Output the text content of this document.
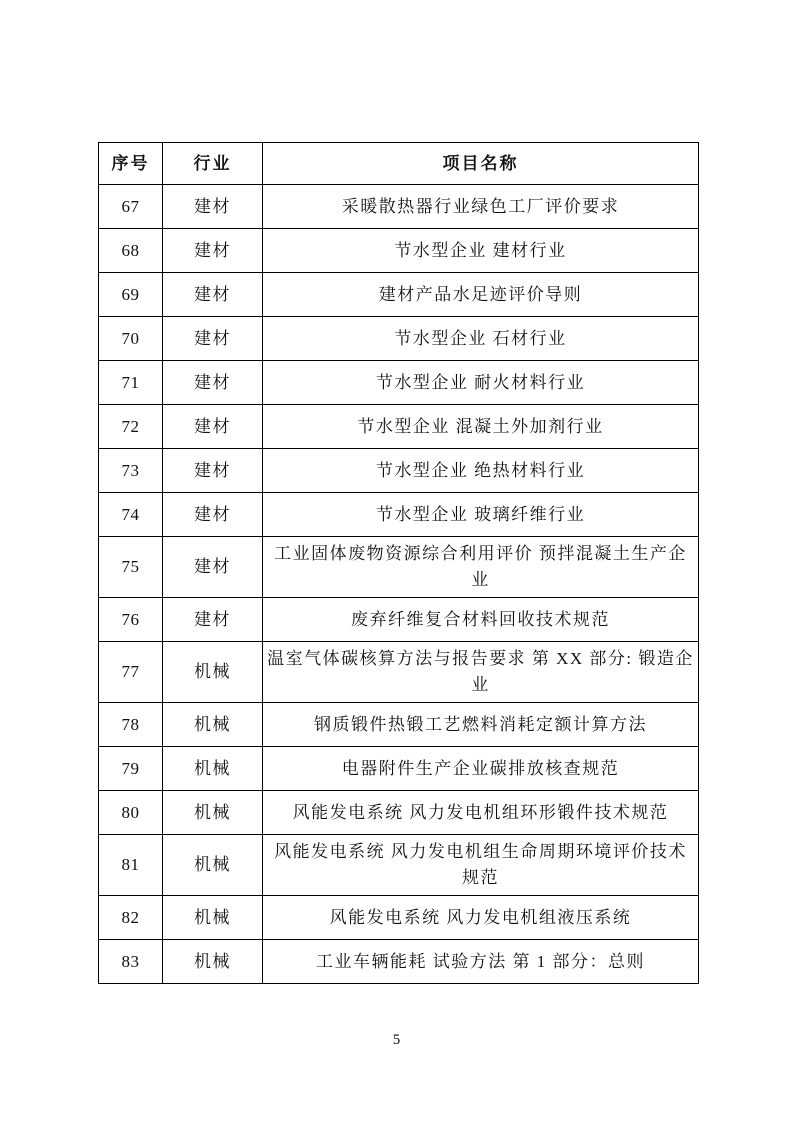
序号	行业	项目名称
67	建材	采暖散热器行业绿色工厂评价要求
68	建材	节水型企业 建材行业
69	建材	建材产品水足迹评价导则
70	建材	节水型企业 石材行业
71	建材	节水型企业 耐火材料行业
72	建材	节水型企业 混凝土外加剂行业
73	建材	节水型企业 绝热材料行业
74	建材	节水型企业 玻璃纤维行业
75	建材	工业固体废物资源综合利用评价 预拌混凝土生产企业
76	建材	废弃纤维复合材料回收技术规范
77	机械	温室气体碳核算方法与报告要求 第 XX 部分: 锻造企业
78	机械	钢质锻件热锻工艺燃料消耗定额计算方法
79	机械	电器附件生产企业碳排放核查规范
80	机械	风能发电系统 风力发电机组环形锻件技术规范
81	机械	风能发电系统 风力发电机组生命周期环境评价技术规范
82	机械	风能发电系统 风力发电机组液压系统
83	机械	工业车辆能耗 试验方法 第 1 部分：总则
5
